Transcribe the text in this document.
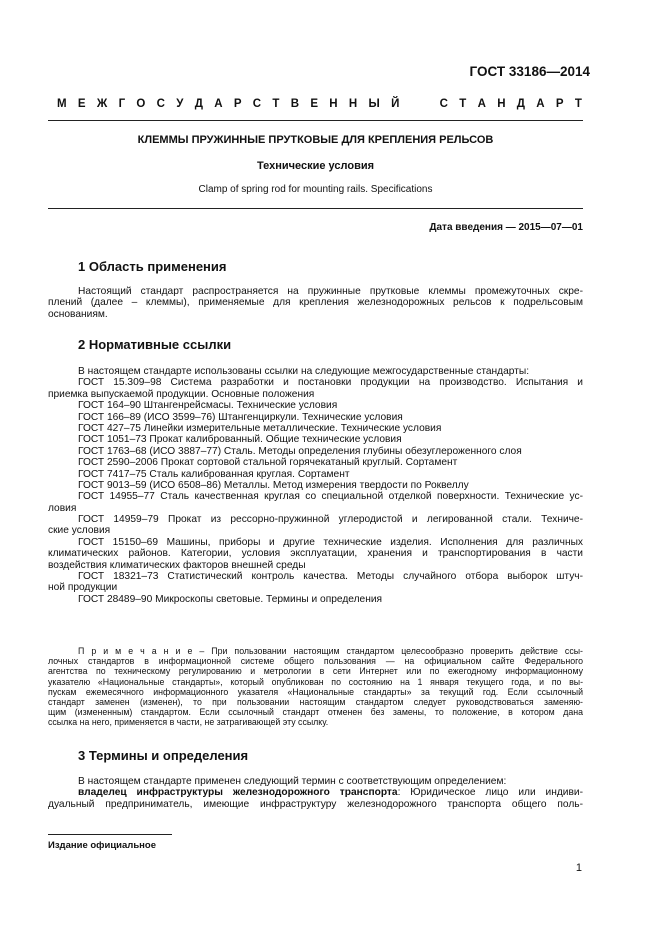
ГОСТ 33186—2014
М Е Ж Г О С У Д А Р С Т В Е Н Н Ы Й

	С Т А Н Д А Р Т
КЛЕММЫ ПРУЖИННЫЕ ПРУТКОВЫЕ ДЛЯ КРЕПЛЕНИЯ РЕЛЬСОВ
Технические условия
Clamp of spring rod for mounting rails. Specifications
Дата введения — 2015—07—01
1 Область применения
Настоящий стандарт распространяется на пружинные прутковые клеммы промежуточных скре-
плений (далее – клеммы), применяемые для крепления железнодорожных рельсов к подрельсовым
основаниям.
2 Нормативные ссылки
В настоящем стандарте использованы ссылки на следующие межгосударственные стандарты:
ГОСТ 15.309–98 Система разработки и постановки продукции на производство. Испытания и
приемка выпускаемой продукции. Основные положения
ГОСТ 164–90 Штангенрейсмасы. Технические условия
ГОСТ 166–89 (ИСО 3599–76) Штангенциркули. Технические условия
ГОСТ 427–75 Линейки измерительные металлические. Технические условия
ГОСТ 1051–73 Прокат калиброванный. Общие технические условия
ГОСТ 1763–68 (ИСО 3887–77) Сталь. Методы определения глубины обезуглероженного слоя
ГОСТ 2590–2006 Прокат сортовой стальной горячекатаный круглый. Сортамент
ГОСТ 7417–75 Сталь калиброванная круглая. Сортамент
ГОСТ 9013–59 (ИСО 6508–86) Металлы. Метод измерения твердости по Роквеллу
ГОСТ 14955–77 Сталь качественная круглая со специальной отделкой поверхности. Технические ус-
ловия
ГОСТ 14959–79 Прокат из рессорно-пружинной углеродистой и легированной стали. Техниче-
ские условия
ГОСТ 15150–69 Машины, приборы и другие технические изделия. Исполнения для различных
климатических районов. Категории, условия эксплуатации, хранения и транспортирования в части
воздействия климатических факторов внешней среды
ГОСТ 18321–73 Статистический контроль качества. Методы случайного отбора выборок штуч-
ной продукции
ГОСТ 28489–90 Микроскопы световые. Термины и определения
П р и м е ч а н и е – При пользовании настоящим стандартом целесообразно проверить действие ссы-
лочных стандартов в информационной системе общего пользования — на официальном сайте Федерального
агентства по техническому регулированию и метрологии в сети Интернет или по ежегодному информационному
указателю «Национальные стандарты», который опубликован по состоянию на 1 января текущего года, и по вы-
пускам ежемесячного информационного указателя «Национальные стандарты» за текущий год. Если ссылочный
стандарт заменен (изменен), то при пользовании настоящим стандартом следует руководствоваться заменяю-
щим (измененным) стандартом. Если ссылочный стандарт отменен без замены, то положение, в котором дана
ссылка на него, применяется в части, не затрагивающей эту ссылку.
3 Термины и определения
В настоящем стандарте применен следующий термин с соответствующим определением:
владелец инфраструктуры железнодорожного транспорта: Юридическое лицо или индиви-
дуальный предприниматель, имеющие инфраструктуру железнодорожного транспорта общего поль-
Издание официальное
1
